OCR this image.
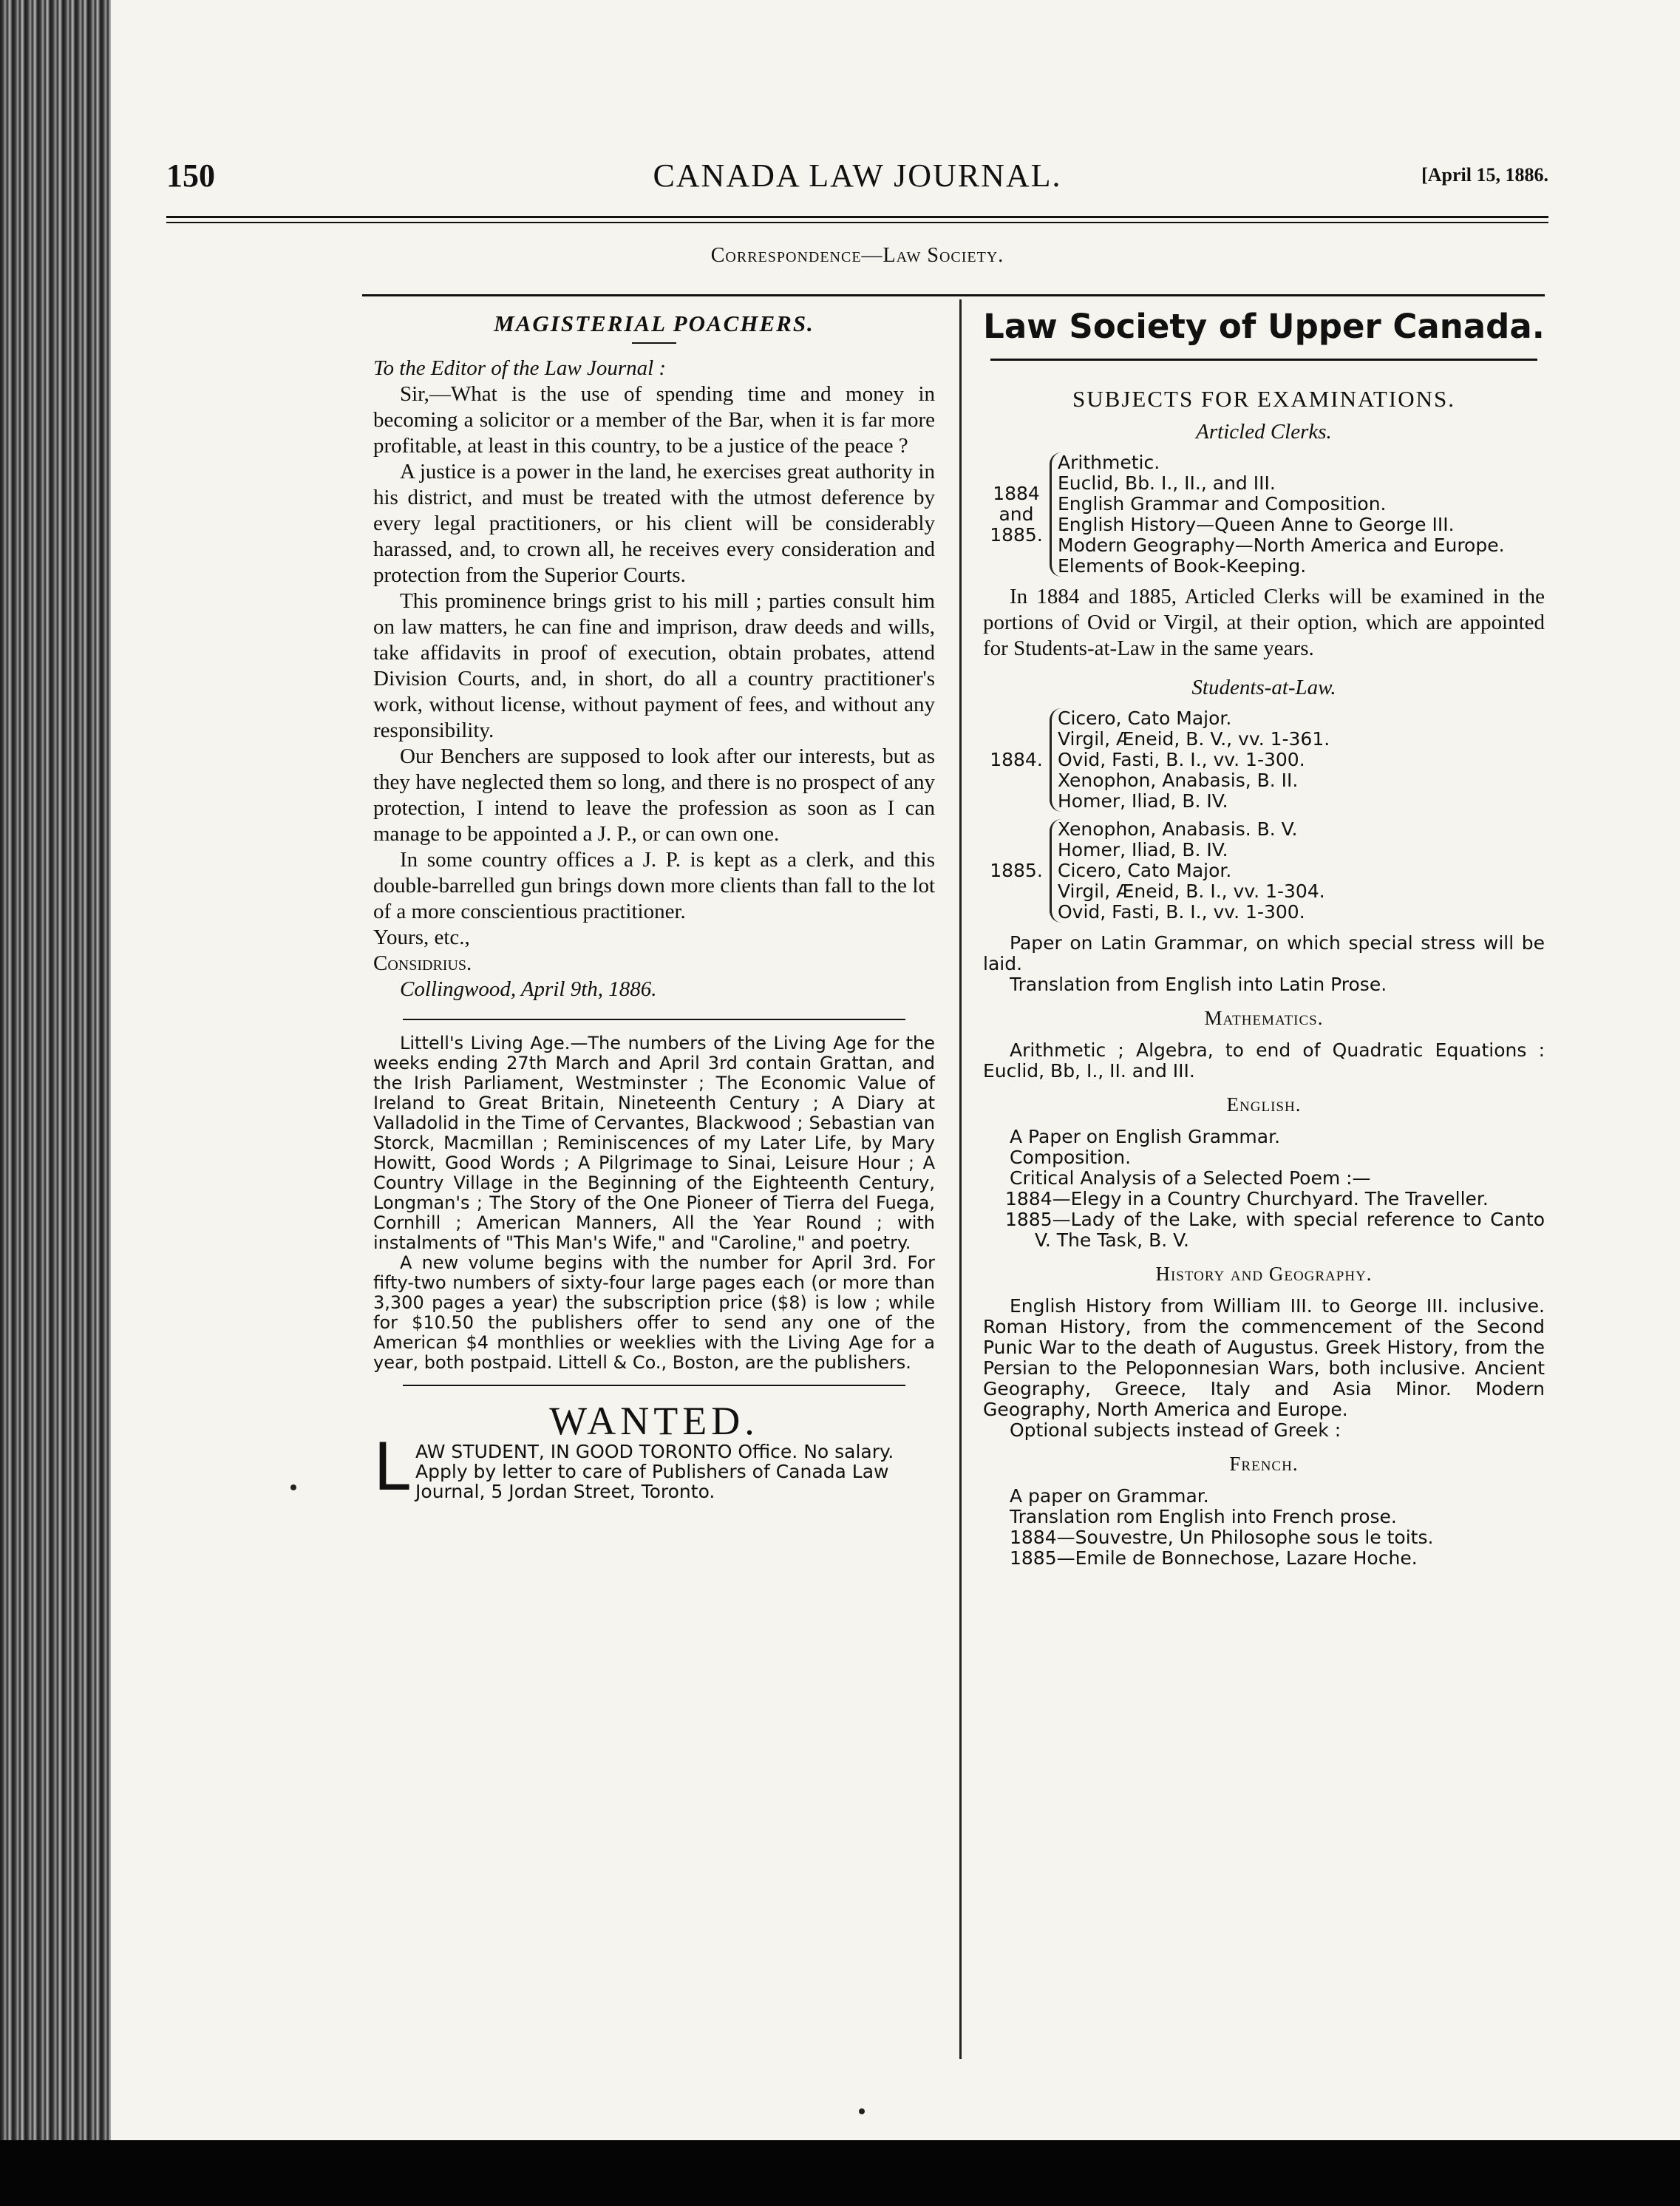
150	CANADA LAW JOURNAL.	[April 15, 1886.
Correspondence—Law Society.
MAGISTERIAL POACHERS.

To the Editor of the Law Journal :

Sir,—What is the use of spending time and money in becoming a solicitor or a member of the Bar, when it is far more profitable, at least in this country, to be a justice of the peace ?

A justice is a power in the land, he exercises great authority in his district, and must be treated with the utmost deference by every legal practitioners, or his client will be considerably harassed, and, to crown all, he receives every consideration and protection from the Superior Courts.

This prominence brings grist to his mill ; parties consult him on law matters, he can fine and imprison, draw deeds and wills, take affidavits in proof of execution, obtain probates, attend Division Courts, and, in short, do all a country practitioner's work, without license, without payment of fees, and without any responsibility.

Our Benchers are supposed to look after our interests, but as they have neglected them so long, and there is no prospect of any protection, I intend to leave the profession as soon as I can manage to be appointed a J. P., or can own one.

In some country offices a J. P. is kept as a clerk, and this double-barrelled gun brings down more clients than fall to the lot of a more conscientious practitioner.

Yours, etc.,

Considrius.

Collingwood, April 9th, 1886.

Littell's Living Age.—The numbers of the Living Age for the weeks ending 27th March and April 3rd contain Grattan, and the Irish Parliament, Westminster ; The Economic Value of Ireland to Great Britain, Nineteenth Century ; A Diary at Valladolid in the Time of Cervantes, Blackwood ; Sebastian van Storck, Macmillan ; Reminiscences of my Later Life, by Mary Howitt, Good Words ; A Pilgrimage to Sinai, Leisure Hour ; A Country Village in the Beginning of the Eighteenth Century, Longman's ; The Story of the One Pioneer of Tierra del Fuega, Cornhill ; American Manners, All the Year Round ; with instalments of "This Man's Wife," and "Caroline," and poetry.

A new volume begins with the number for April 3rd. For fifty-two numbers of sixty-four large pages each (or more than 3,300 pages a year) the subscription price ($8) is low ; while for $10.50 the publishers offer to send any one of the American $4 monthlies or weeklies with the Living Age for a year, both postpaid. Littell & Co., Boston, are the publishers.

WANTED.
L AW STUDENT, IN GOOD TORONTO Office. No salary. Apply by letter to care of Publishers of Canada Law Journal, 5 Jordan Street, Toronto.
Law Society of Upper Canada.
SUBJECTS FOR EXAMINATIONS.
Articled Clerks.
1884 and 1885.
Arithmetic.
Euclid, Bb. I., II., and III.
English Grammar and Composition.
English History—Queen Anne to George III.
Modern Geography—North America and Europe.
Elements of Book-Keeping.

In 1884 and 1885, Articled Clerks will be examined in the portions of Ovid or Virgil, at their option, which are appointed for Students-at-Law in the same years.

Students-at-Law.
1884.
Cicero, Cato Major.
Virgil, Æneid, B. V., vv. 1-361.
Ovid, Fasti, B. I., vv. 1-300.
Xenophon, Anabasis, B. II.
Homer, Iliad, B. IV.
1885.
Xenophon, Anabasis. B. V.
Homer, Iliad, B. IV.
Cicero, Cato Major.
Virgil, Æneid, B. I., vv. 1-304.
Ovid, Fasti, B. I., vv. 1-300.

Paper on Latin Grammar, on which special stress will be laid.

Translation from English into Latin Prose.

Mathematics.

Arithmetic ; Algebra, to end of Quadratic Equations : Euclid, Bb, I., II. and III.

English.

A Paper on English Grammar.

Composition.

Critical Analysis of a Selected Poem :—

1884—Elegy in a Country Churchyard. The Traveller.

1885—Lady of the Lake, with special reference to Canto V. The Task, B. V.

History and Geography.

English History from William III. to George III. inclusive. Roman History, from the commencement of the Second Punic War to the death of Augustus. Greek History, from the Persian to the Peloponnesian Wars, both inclusive. Ancient Geography, Greece, Italy and Asia Minor. Modern Geography, North America and Europe.

Optional subjects instead of Greek :

French.

A paper on Grammar.

Translation rom English into French prose.

1884—Souvestre, Un Philosophe sous le toits.

1885—Emile de Bonnechose, Lazare Hoche.
